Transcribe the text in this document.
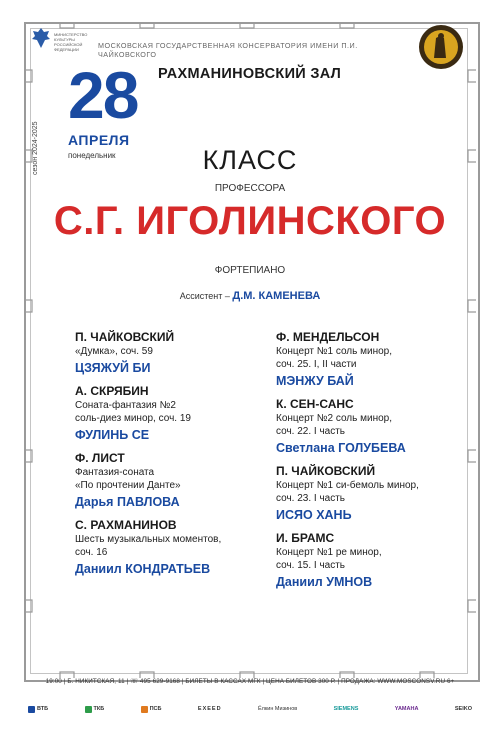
МИНИСТЕРСТВО КУЛЬТУРЫ РОССИЙСКОЙ ФЕДЕРАЦИИ	МОСКОВСКАЯ ГОСУДАРСТВЕННАЯ КОНСЕРВАТОРИЯ ИМЕНИ П.И. ЧАЙКОВСКОГО
сезон 2024-2025
28
АПРЕЛЯ
понедельник
РАХМАНИНОВСКИЙ ЗАЛ
КЛАСС
ПРОФЕССОРА
С.Г. ИГОЛИНСКОГО
ФОРТЕПИАНО
Ассистент – Д.М. КАМЕНЕВА
П. ЧАЙКОВСКИЙ
«Думка», соч. 59
ЦЗЯЖУЙ БИ
А. СКРЯБИН
Соната-фантазия №2
соль-диез минор, соч. 19
ФУЛИНЬ СЕ
Ф. ЛИСТ
Фантазия-соната
«По прочтении Данте»
Дарья ПАВЛОВА
С. РАХМАНИНОВ
Шесть музыкальных моментов,
соч. 16
Даниил КОНДРАТЬЕВ
Ф. МЕНДЕЛЬСОН
Концерт №1 соль минор,
соч. 25. I, II части
МЭНЖУ БАЙ
К. СЕН-САНС
Концерт №2 соль минор,
соч. 22. I часть
Светлана ГОЛУБЕВА
П. ЧАЙКОВСКИЙ
Концерт №1 си-бемоль минор,
соч. 23. I часть
ИСЯО ХАНЬ
И. БРАМС
Концерт №1 ре минор,
соч. 15. I часть
Даниил УМНОВ
19:00 | Б. НИКИТСКАЯ, 11 | ☏ 495 629-9168 | БИЛЕТЫ В КАССАХ МГК | ЦЕНА БИЛЕТОВ 300 Р. | ПРОДАЖА: WWW.MOSCONSV.RU 6+
ВТБ	ТКБ	ПСБ	EXEED	Ёлкин Мизинов	SIEMENS	YAMAHA	SEIKO
